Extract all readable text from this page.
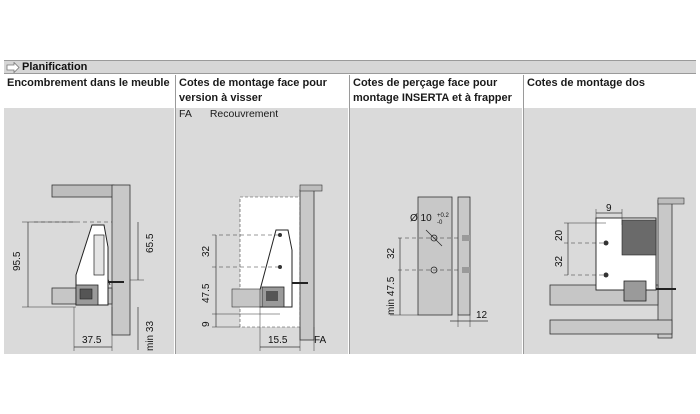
Planification
Encombrement dans le meuble
95.5
65.5
min 33
37.5
Cotes de montage face pour version à visser
FA Recouvrement
32
47.5
9
15.5	FA
Cotes de perçage face pour montage INSERTA et à frapper
Ø 10 +0.2
-0
32
min 47.5
12
Cotes de montage dos
20
32
9
